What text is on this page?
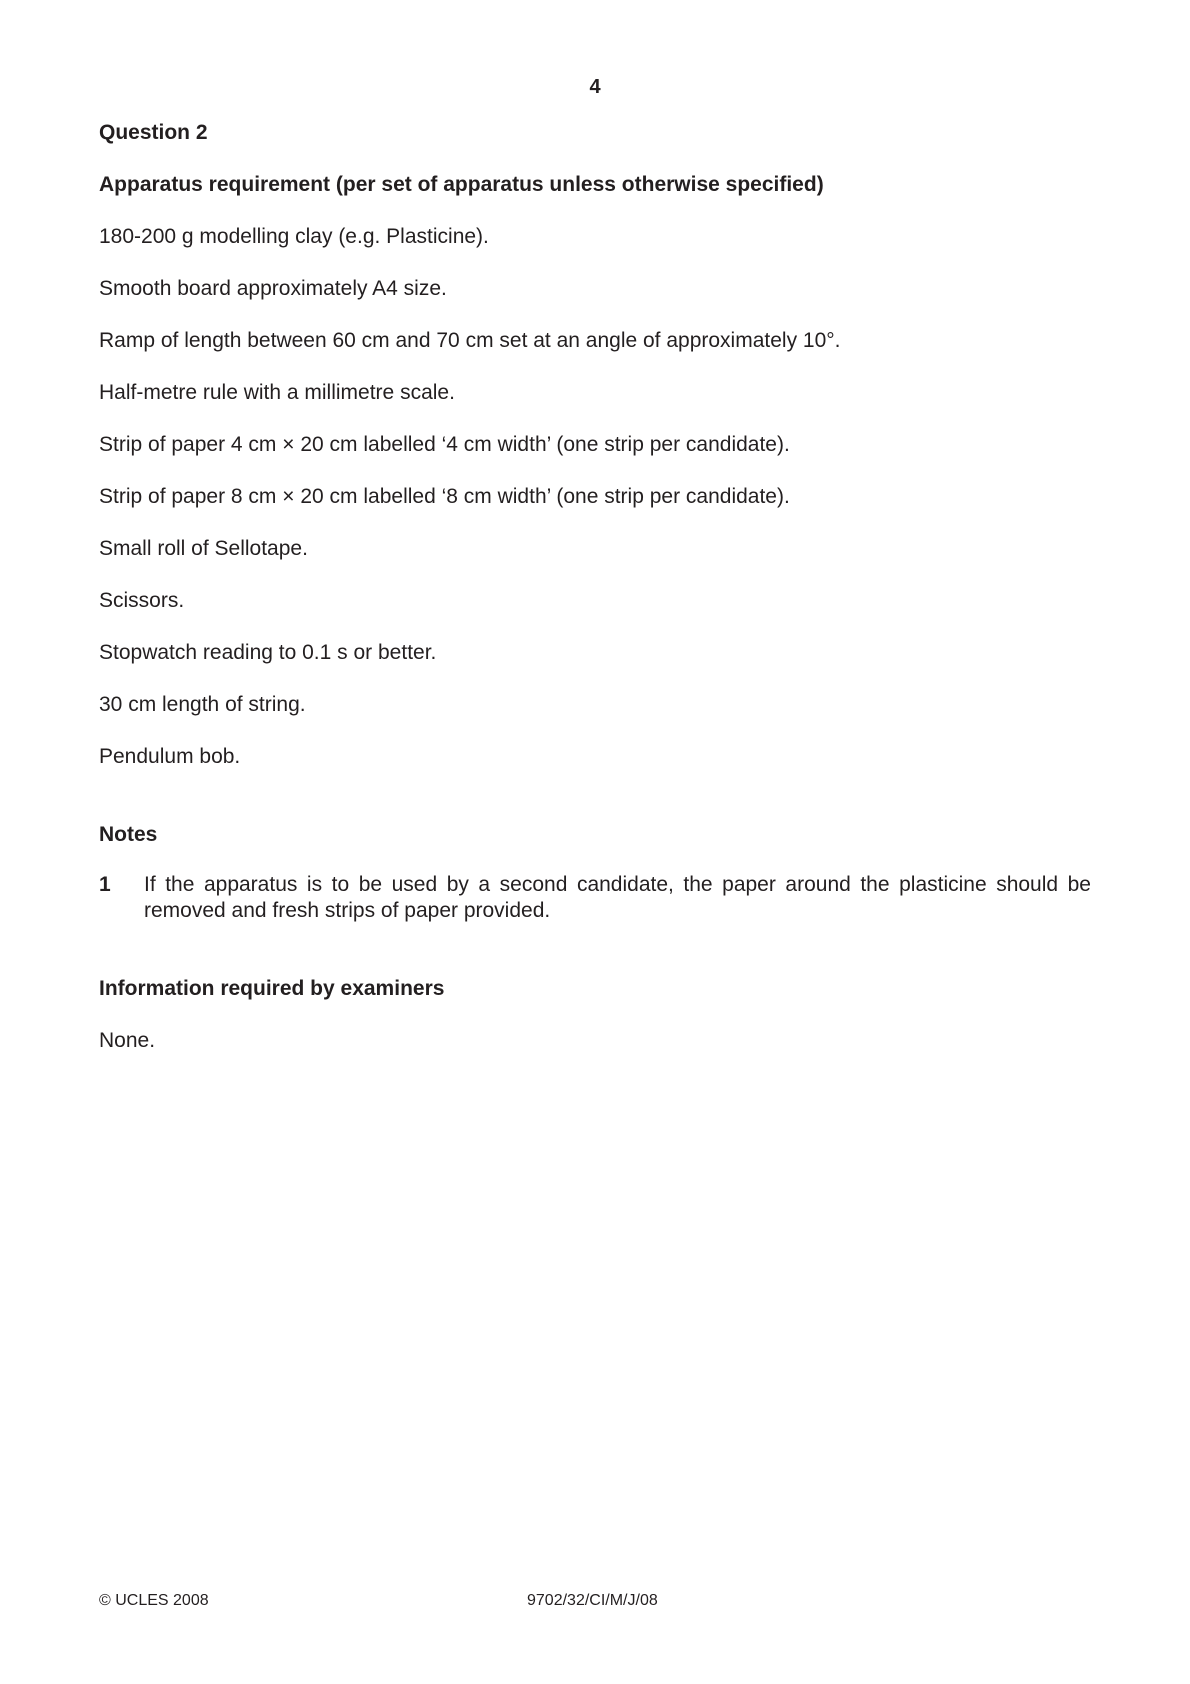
4

Question 2

Apparatus requirement (per set of apparatus unless otherwise specified)

180-200 g modelling clay (e.g. Plasticine).

Smooth board approximately A4 size.

Ramp of length between 60 cm and 70 cm set at an angle of approximately 10°.

Half-metre rule with a millimetre scale.

Strip of paper 4 cm × 20 cm labelled ‘4 cm width’ (one strip per candidate).

Strip of paper 8 cm × 20 cm labelled ‘8 cm width’ (one strip per candidate).

Small roll of Sellotape.

Scissors.

Stopwatch reading to 0.1 s or better.

30 cm length of string.

Pendulum bob.

Notes

1	If the apparatus is to be used by a second candidate, the paper around the plasticine should be removed and fresh strips of paper provided.

Information required by examiners

None.

© UCLES 2008	9702/32/CI/M/J/08
